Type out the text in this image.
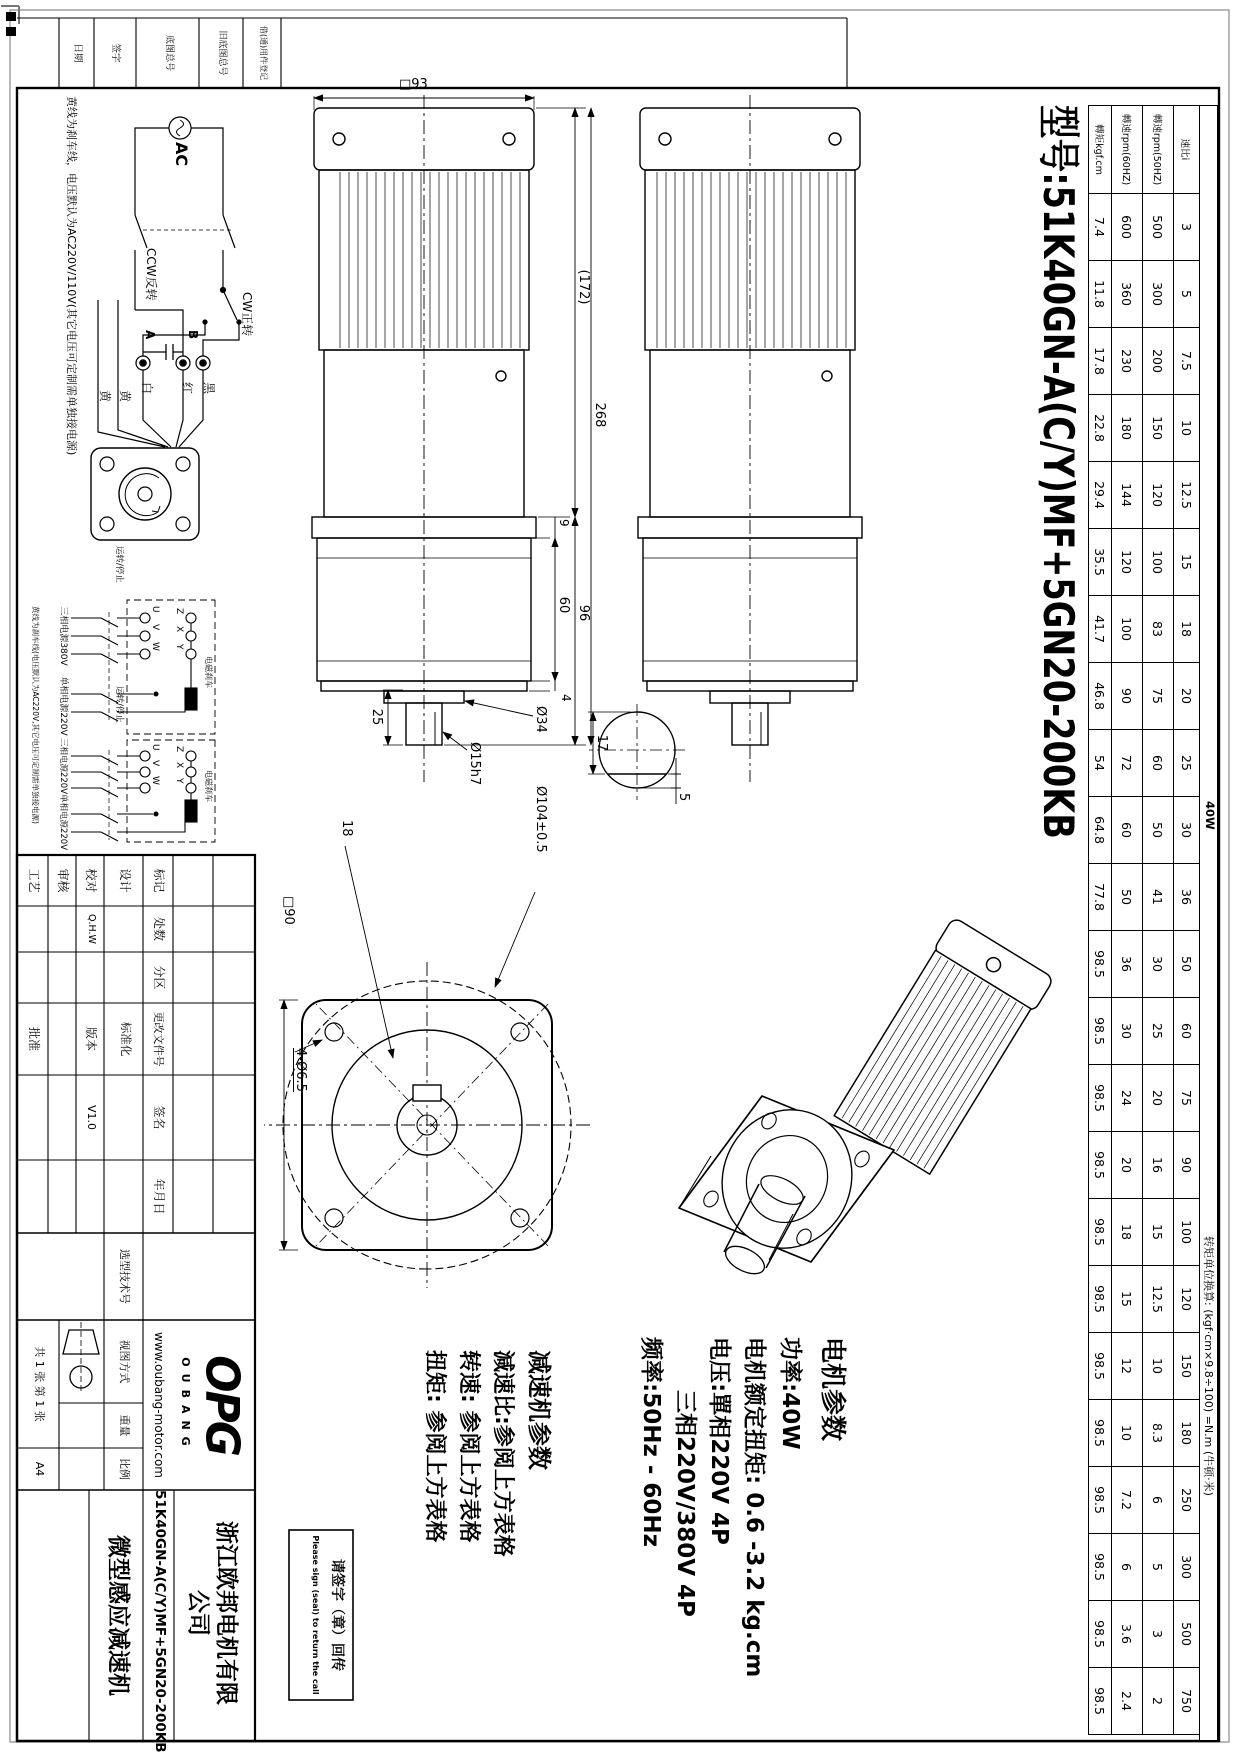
40W
转矩单位换算: (kgf·cm×9.8÷100) =N.m (牛顿·米)
速比i	3	5	7.5	10	12.5	15	18	20	25	30	36	50	60	75	90	100	120	150	180	250	300	500	750
轉速rpm(50HZ)	500	300	200	150	120	100	83	75	60	50	41	30	25	20	16	15	12.5	10	8.3	6	5	3	2
轉速rpm(60HZ)	600	360	230	180	144	120	100	90	72	60	50	36	30	24	20	18	15	12	10	7.2	6	3.6	2.4
轉矩kgf.cm	7.4	11.8	17.8	22.8	29.4	35.5	41.7	46.8	54	64.8	77.8	98.5	98.5	98.5	98.5	98.5	98.5	98.5	98.5	98.5	98.5	98.5	98.5
型号:51K40GN-A(C/Y)MF+5GN20-200KB
268
(172)
96
9
60
4
Ø34
Ø15h7
25
□93
Ø104±0.5
18
□90
4-Ø6.5
17
5
电机参数
功率:40W
电机额定扭矩: 0.6 -3.2 kg.cm
电压:單相220V 4P
三相220V/380V 4P
频率:50Hz - 60Hz
减速机参数
減速比:参阅上方表格
转速: 参阅上方表格
扭矩: 参阅上方表格
AC
CW正转
CCW反转
A B
黑
红
白
黄
黄
黄线为刹车线，电压默认为AC220V/110V(其它电压可定制需单独接电源)
运转/停止
电磁刹车
U
V
W
Z
X
Y
三相电源380V
单相电源220V	运转/停止
电磁刹车
U
V
W
Z
X
Y
三相电源220V
单相电源220V
黄线为刹车线(电压默认为AC220V,其它电压可定制需单独接电源)
请签字（章）回传
Please sign (seal) to return the call
借(通)用件登记
旧底图总号
底图总号
签字
日期
标记
处数
分区
更改文件号
签名
年月日
设计
校对
审核
工艺
Q.H.W
标准化
版本
V1.0
批准
选型技术号
视图方式
重量
比例
共 1 张 第 1 张
A4
OPG
OUBANG
www.oubang-motor.com
浙江欧邦电机有限公司
51K40GN-A(C/Y)MF+5GN20-200KB
微型感应减速机
